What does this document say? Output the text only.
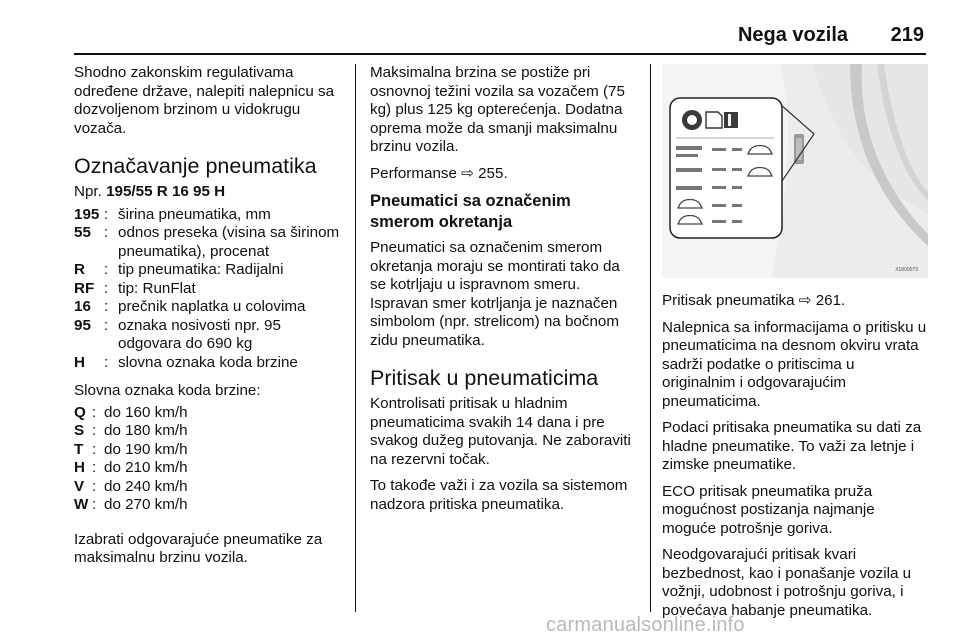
Nega vozila 219

Shodno zakonskim regulativama određene države, nalepiti nalepnicu sa dozvoljenom brzinom u vidokrugu vozača.

Označavanje pneumatika

Npr. 195/55 R 16 95 H

195 : širina pneumatika, mm
55 : odnos preseka (visina sa širinom pneumatika), procenat
R	: tip pneumatika: Radijalni
RF : tip: RunFlat
16 : prečnik naplatka u colovima
95 : oznaka nosivosti npr. 95 odgovara do 690 kg
H	: slovna oznaka koda brzine

Slovna oznaka koda brzine:

Q : do 160 km/h
S : do 180 km/h
T : do 190 km/h
H : do 210 km/h
V : do 240 km/h
W : do 270 km/h

Izabrati odgovarajuće pneumatike za maksimalnu brzinu vozila.

Maksimalna brzina se postiže pri osnovnoj težini vozila sa vozačem (75 kg) plus 125 kg opterećenja. Dodatna oprema može da smanji maksimalnu brzinu vozila.

Performanse ⇨ 255.

Pneumatici sa označenim smerom okretanja

Pneumatici sa označenim smerom okretanja moraju se montirati tako da se kotrljaju u ispravnom smeru. Ispravan smer kotrljanja je naznačen simbolom (npr. strelicom) na bočnom zidu pneumatika.

Pritisak u pneumaticima

Kontrolisati pritisak u hladnim pneumaticima svakih 14 dana i pre svakog dužeg putovanja. Ne zaboraviti na rezervni točak.

To takođe važi i za vozila sa sistemom nadzora pritiska pneumatika.

X1800079

Pritisak pneumatika ⇨ 261.

Nalepnica sa informacijama o pritisku u pneumaticima na desnom okviru vrata sadrži podatke o pritiscima u originalnim i odgovarajućim pneumaticima.

Podaci pritisaka pneumatika su dati za hladne pneumatike. To važi za letnje i zimske pneumatike.

ECO pritisak pneumatika pruža mogućnost postizanja najmanje moguće potrošnje goriva.

Neodgovarajući pritisak kvari bezbednost, kao i ponašanje vozila u vožnji, udobnost i potrošnju goriva, i povećava habanje pneumatika.

carmanualsonline.info
